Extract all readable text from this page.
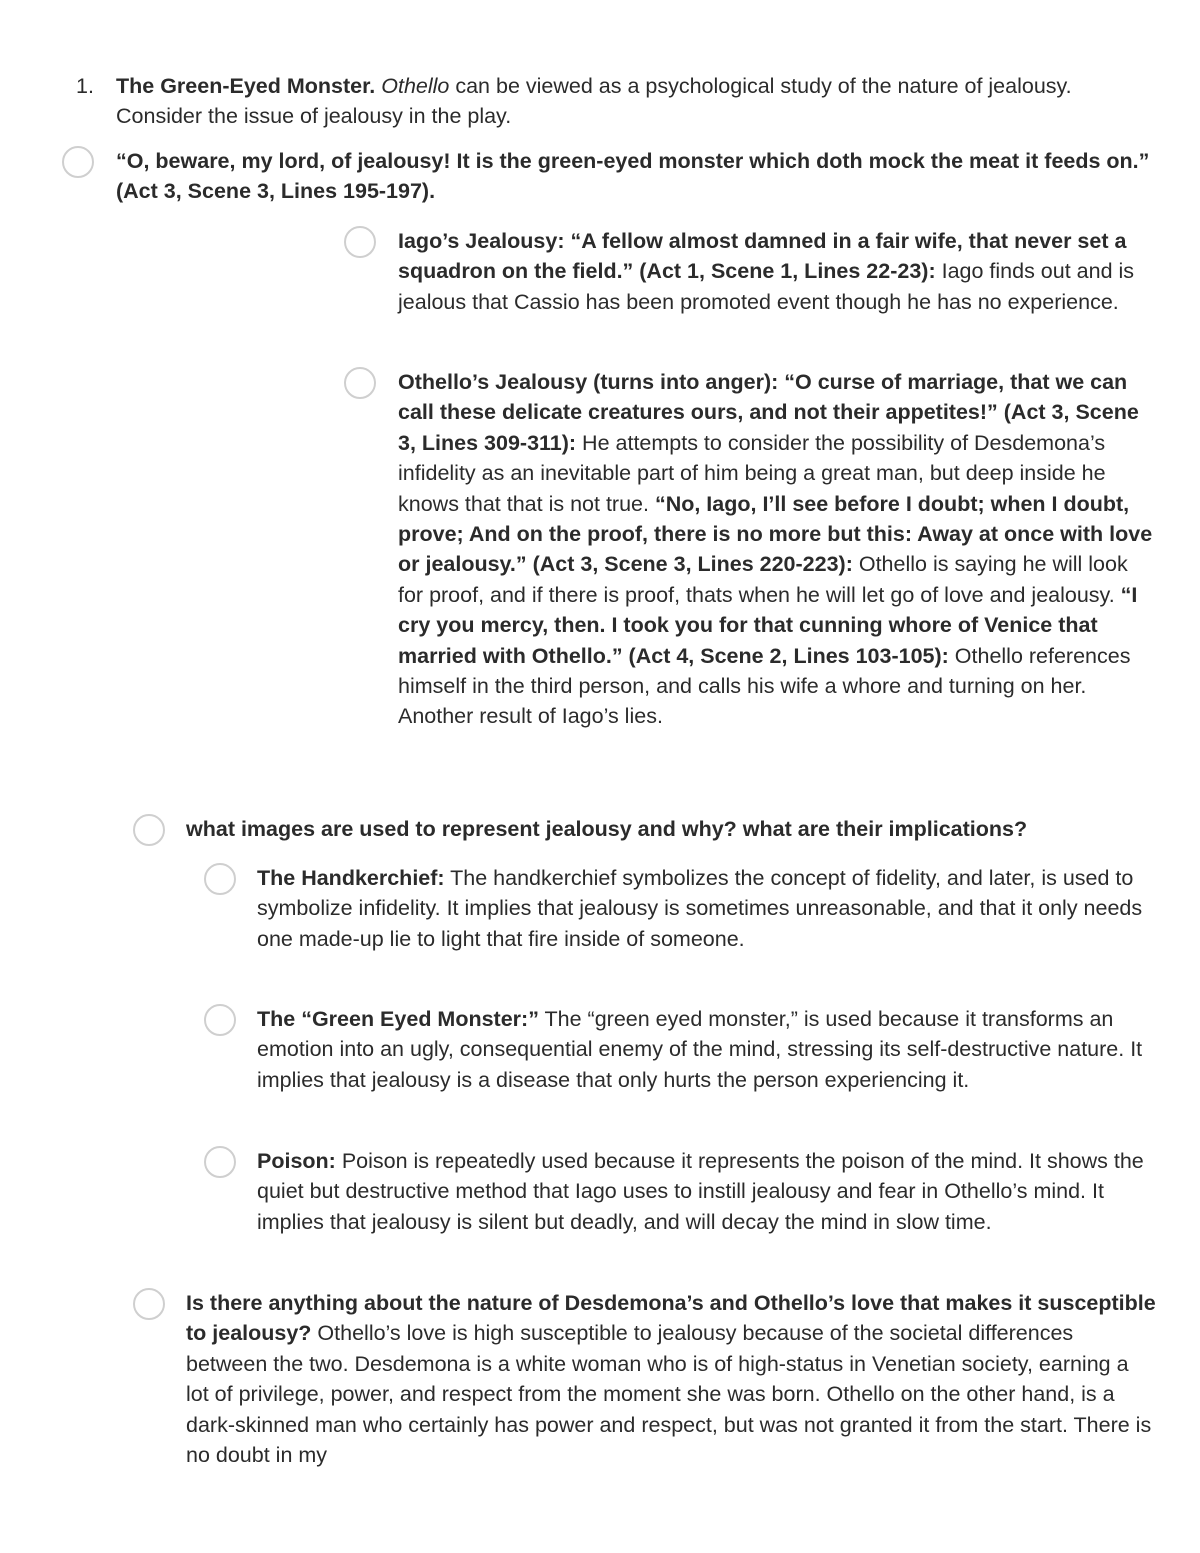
1. The Green-Eyed Monster. Othello can be viewed as a psychological study of the nature of jealousy. Consider the issue of jealousy in the play.
“O, beware, my lord, of jealousy! It is the green-eyed monster which doth mock the meat it feeds on.” (Act 3, Scene 3, Lines 195-197).
Iago’s Jealousy: “A fellow almost damned in a fair wife, that never set a squadron on the field.” (Act 1, Scene 1, Lines 22-23): Iago finds out and is jealous that Cassio has been promoted event though he has no experience.
Othello’s Jealousy (turns into anger): “O curse of marriage, that we can call these delicate creatures ours, and not their appetites!” (Act 3, Scene 3, Lines 309-311): He attempts to consider the possibility of Desdemona’s infidelity as an inevitable part of him being a great man, but deep inside he knows that that is not true. “No, Iago, I’ll see before I doubt; when I doubt, prove; And on the proof, there is no more but this: Away at once with love or jealousy.” (Act 3, Scene 3, Lines 220-223): Othello is saying he will look for proof, and if there is proof, thats when he will let go of love and jealousy. “I cry you mercy, then. I took you for that cunning whore of Venice that married with Othello.” (Act 4, Scene 2, Lines 103-105): Othello references himself in the third person, and calls his wife a whore and turning on her. Another result of Iago’s lies.
what images are used to represent jealousy and why? what are their implications?
The Handkerchief: The handkerchief symbolizes the concept of fidelity, and later, is used to symbolize infidelity. It implies that jealousy is sometimes unreasonable, and that it only needs one made-up lie to light that fire inside of someone.
The “Green Eyed Monster:” The “green eyed monster,” is used because it transforms an emotion into an ugly, consequential enemy of the mind, stressing its self-destructive nature. It implies that jealousy is a disease that only hurts the person experiencing it.
Poison: Poison is repeatedly used because it represents the poison of the mind. It shows the quiet but destructive method that Iago uses to instill jealousy and fear in Othello’s mind. It implies that jealousy is silent but deadly, and will decay the mind in slow time.
Is there anything about the nature of Desdemona’s and Othello’s love that makes it susceptible to jealousy? Othello’s love is high susceptible to jealousy because of the societal differences between the two. Desdemona is a white woman who is of high-status in Venetian society, earning a lot of privilege, power, and respect from the moment she was born. Othello on the other hand, is a dark-skinned man who certainly has power and respect, but was not granted it from the start. There is no doubt in my
